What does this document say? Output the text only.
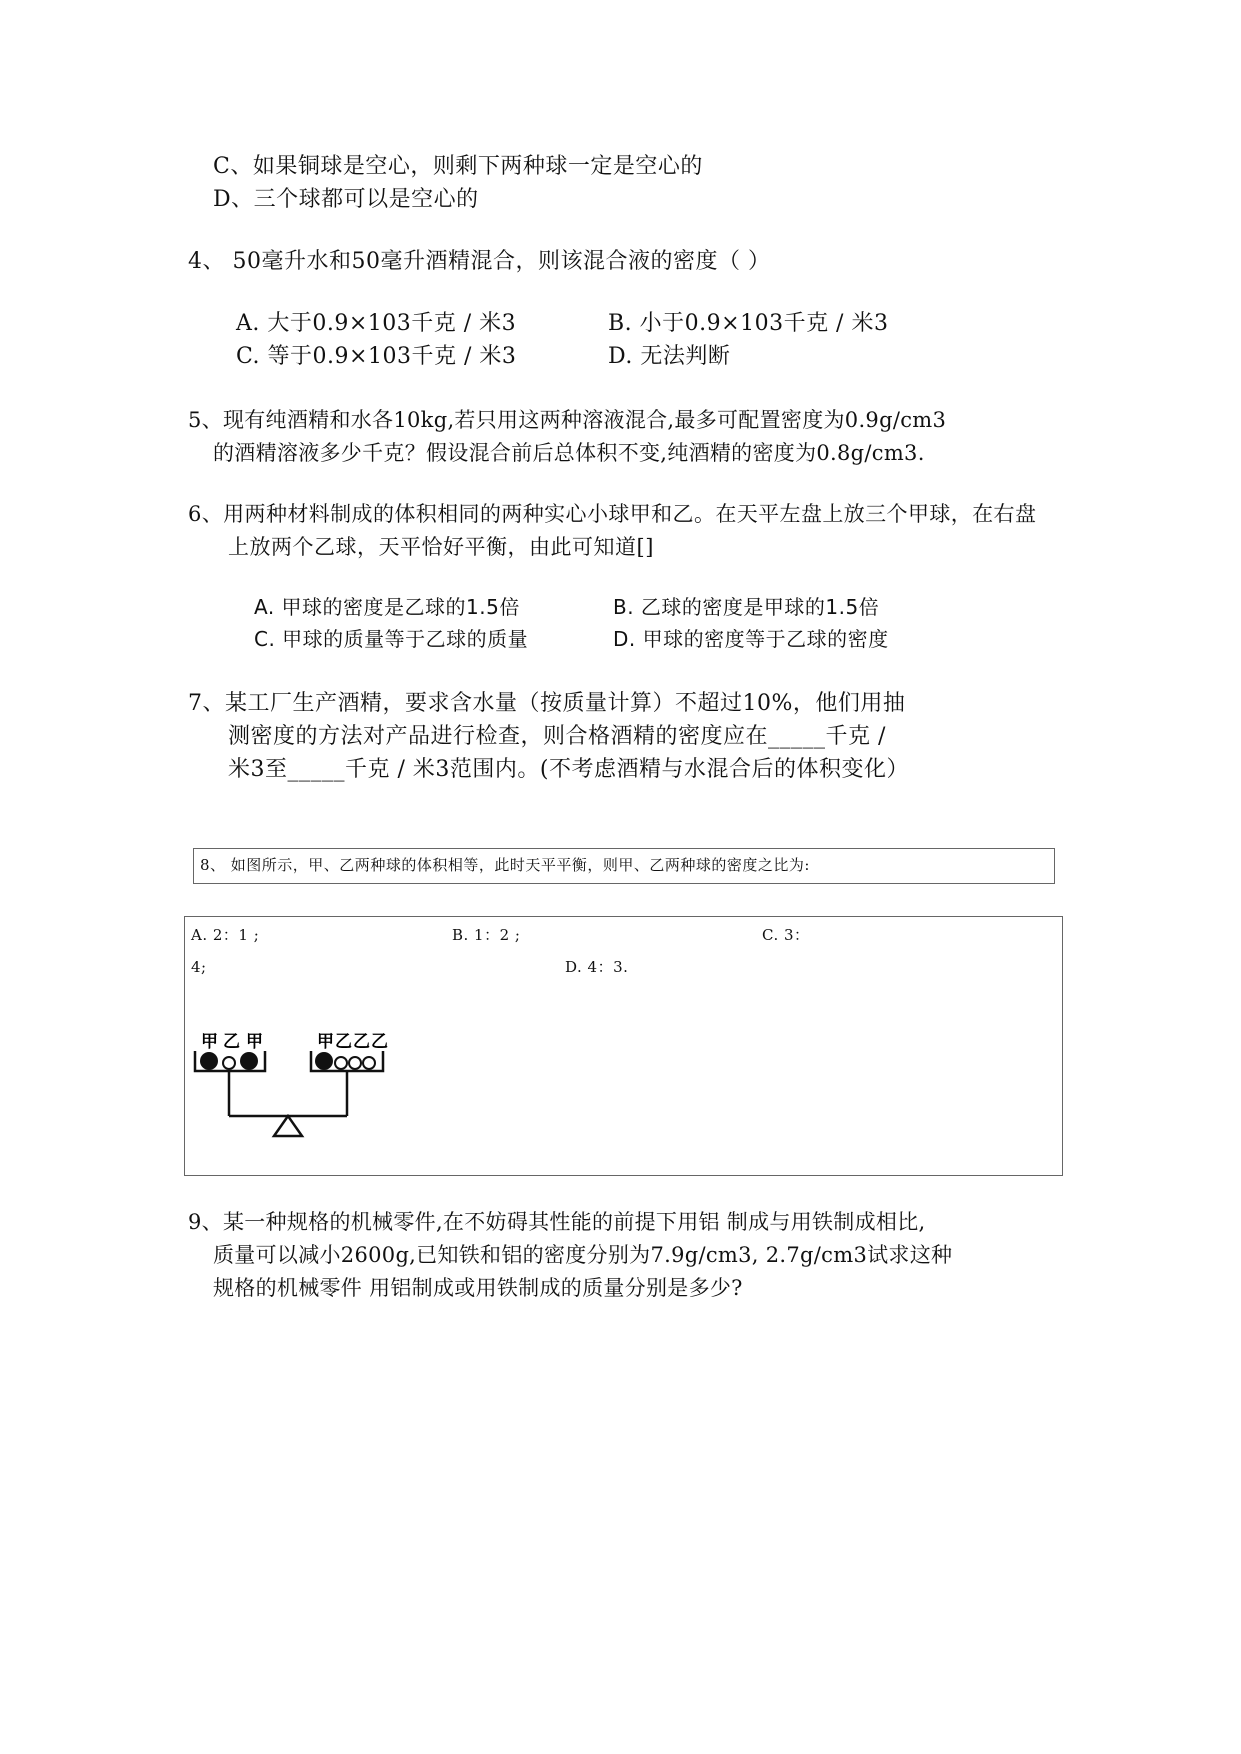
C、如果铜球是空心，则剩下两种球一定是空心的
D、三个球都可以是空心的
4、 50毫升水和50毫升酒精混合，则该混合液的密度（ ）
A. 大于0.9×103千克 / 米3	B. 小于0.9×103千克 / 米3
C. 等于0.9×103千克 / 米3	D. 无法判断
5、现有纯酒精和水各10kg,若只用这两种溶液混合,最多可配置密度为0.9g/cm3
的酒精溶液多少千克？假设混合前后总体积不变,纯酒精的密度为0.8g/cm3.
6、用两种材料制成的体积相同的两种实心小球甲和乙。在天平左盘上放三个甲球，在右盘
上放两个乙球，天平恰好平衡，由此可知道[]
A. 甲球的密度是乙球的1.5倍	B. 乙球的密度是甲球的1.5倍
C. 甲球的质量等于乙球的质量	D. 甲球的密度等于乙球的密度
7、某工厂生产酒精，要求含水量（按质量计算）不超过10%，他们用抽
测密度的方法对产品进行检查，则合格酒精的密度应在_____千克 /
米3至_____千克 / 米3范围内。(不考虑酒精与水混合后的体积变化）
8、 如图所示，甲、乙两种球的体积相等，此时天平平衡，则甲、乙两种球的密度之比为:
A. 2：1 ;	B. 1：2 ;	C. 3：
4;	D. 4：3.
甲 乙 甲	甲 乙 乙 乙
9、某一种规格的机械零件,在不妨碍其性能的前提下用铝 制成与用铁制成相比,
质量可以减小2600g,已知铁和铝的密度分别为7.9g/cm3, 2.7g/cm3试求这种
规格的机械零件 用铝制成或用铁制成的质量分别是多少?
